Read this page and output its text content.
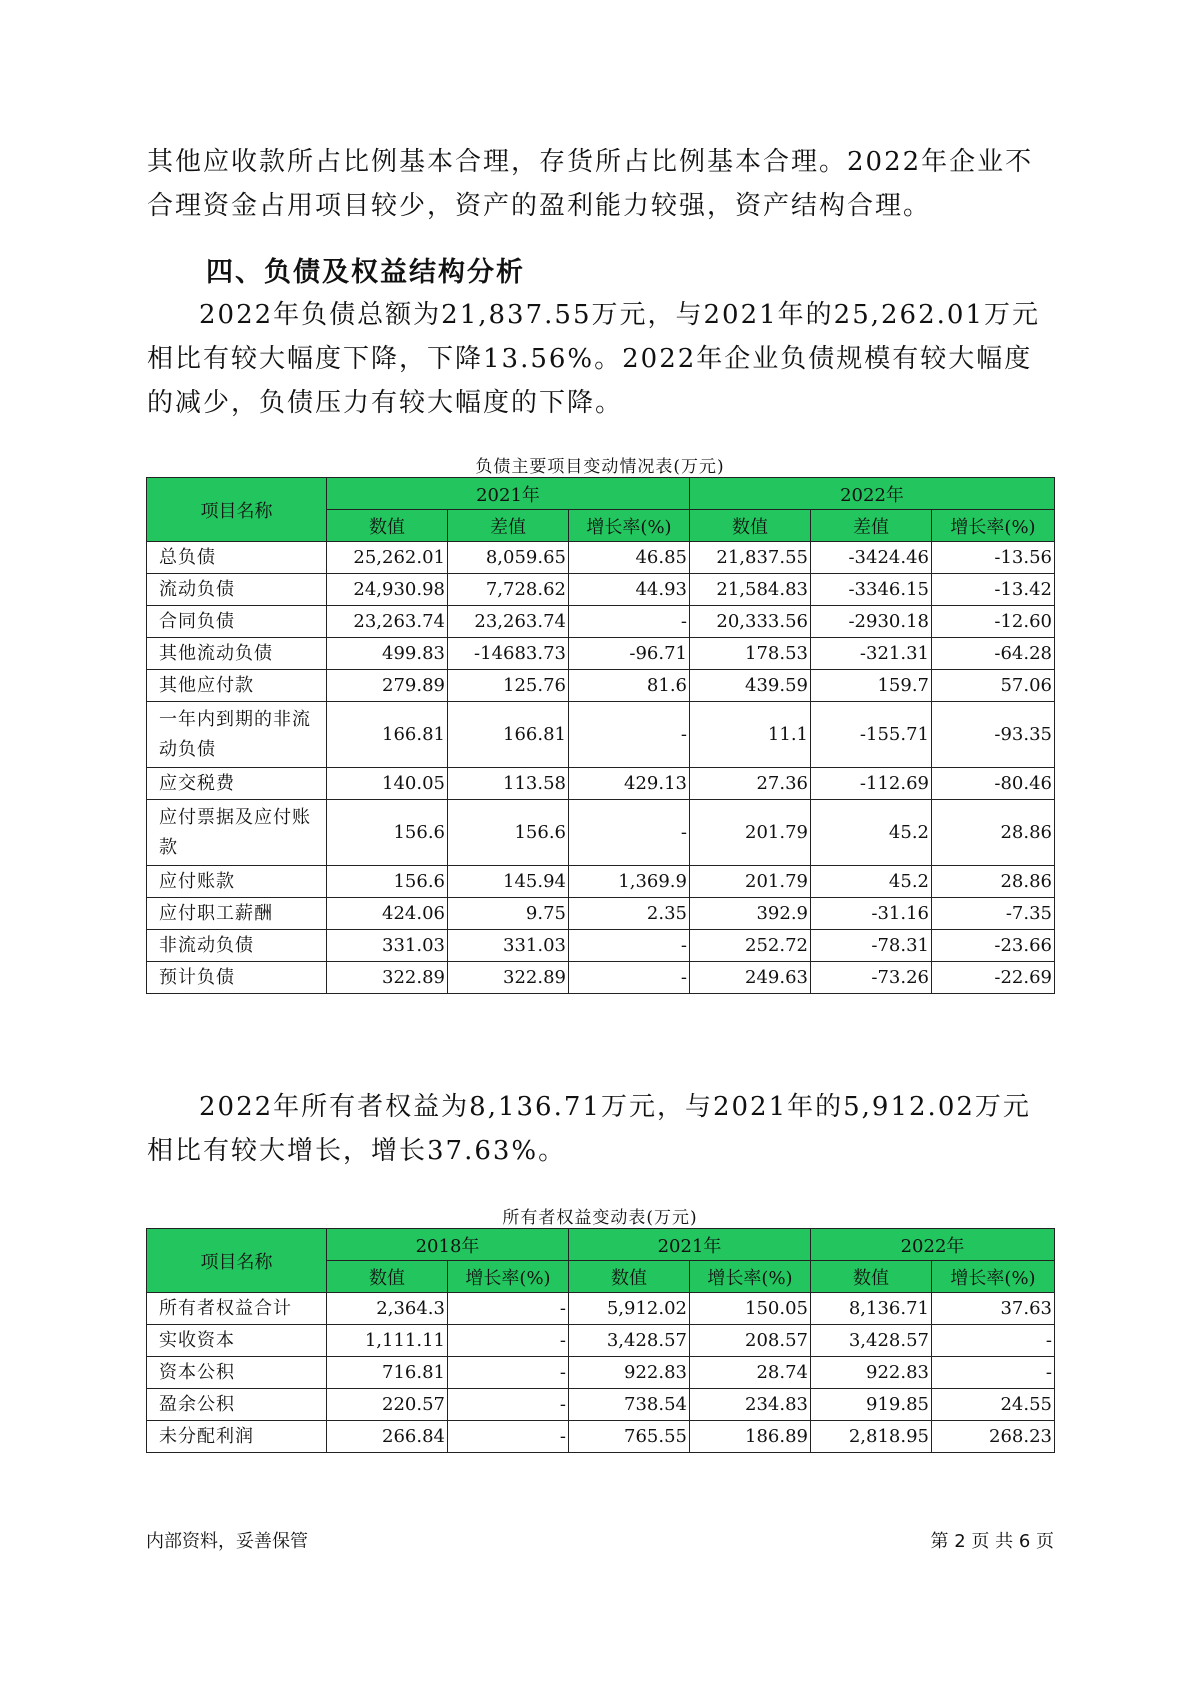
其他应收款所占比例基本合理，存货所占比例基本合理。2022年企业不合理资金占用项目较少，资产的盈利能力较强，资产结构合理。

四、负债及权益结构分析

2022年负债总额为21,837.55万元，与2021年的25,262.01万元相比有较大幅度下降，下降13.56%。2022年企业负债规模有较大幅度的减少，负债压力有较大幅度的下降。

负债主要项目变动情况表(万元)
项目名称	2021年			2022年		
	数值	差值	增长率(%)	数值	差值	增长率(%)
总负债	25,262.01	8,059.65	46.85	21,837.55	-3424.46	-13.56
流动负债	24,930.98	7,728.62	44.93	21,584.83	-3346.15	-13.42
合同负债	23,263.74	23,263.74	-	20,333.56	-2930.18	-12.60
其他流动负债	499.83	-14683.73	-96.71	178.53	-321.31	-64.28
其他应付款	279.89	125.76	81.6	439.59	159.7	57.06
一年内到期的非流动负债	166.81	166.81	-	11.1	-155.71	-93.35
应交税费	140.05	113.58	429.13	27.36	-112.69	-80.46
应付票据及应付账款	156.6	156.6	-	201.79	45.2	28.86
应付账款	156.6	145.94	1,369.9	201.79	45.2	28.86
应付职工薪酬	424.06	9.75	2.35	392.9	-31.16	-7.35
非流动负债	331.03	331.03	-	252.72	-78.31	-23.66
预计负债	322.89	322.89	-	249.63	-73.26	-22.69

2022年所有者权益为8,136.71万元，与2021年的5,912.02万元相比有较大增长，增长37.63%。

所有者权益变动表(万元)
项目名称	2018年		2021年		2022年	
	数值	增长率(%)	数值	增长率(%)	数值	增长率(%)
所有者权益合计	2,364.3	-	5,912.02	150.05	8,136.71	37.63
实收资本	1,111.11	-	3,428.57	208.57	3,428.57	-
资本公积	716.81	-	922.83	28.74	922.83	-
盈余公积	220.57	-	738.54	234.83	919.85	24.55
未分配利润	266.84	-	765.55	186.89	2,818.95	268.23
内部资料，妥善保管	第 2 页 共 6 页
